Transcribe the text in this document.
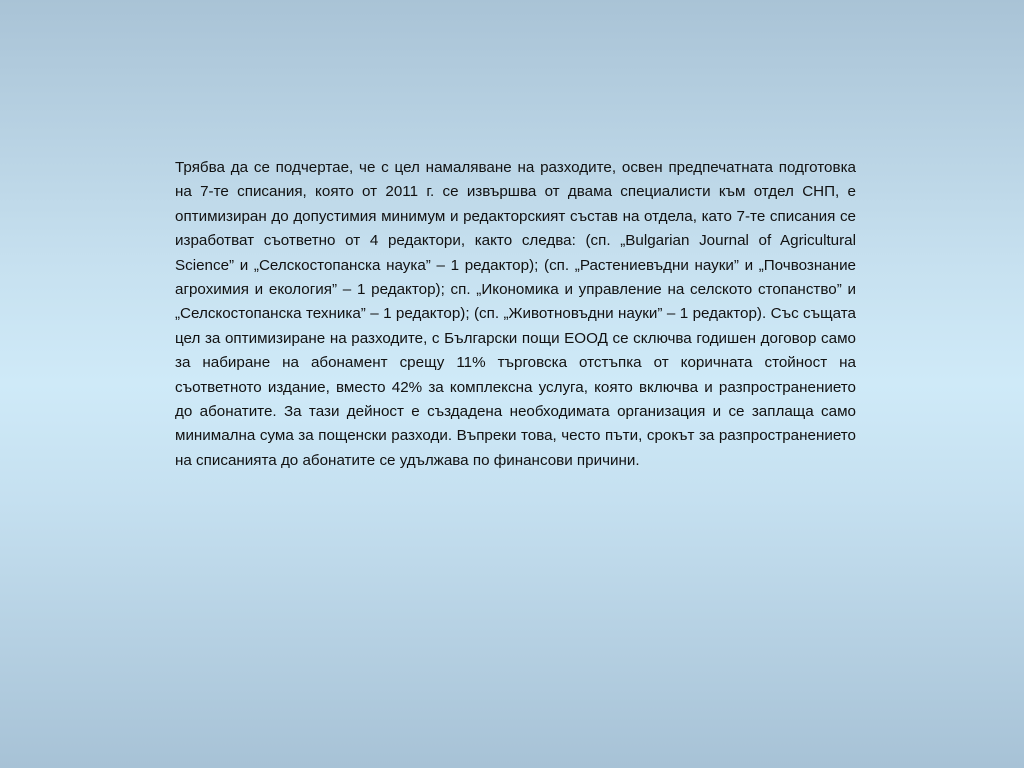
Трябва да се подчертае, че с цел намаляване на разходите, освен предпечатната подготовка на 7-те списания, която от 2011 г. се извършва от двама специалисти към отдел СНП, е оптимизиран до допустимия минимум и редакторският състав на отдела, като 7-те списания се изработват съответно от 4 редактори, както следва: (сп. „Bulgarian Journal of Agricultural Science” и „Селскостопанска наука” – 1 редактор); (сп. „Растениевъдни науки” и „Почвознание агрохимия и екология” – 1 редактор); сп. „Икономика и управление на селското стопанство” и „Селскостопанска техника” – 1 редактор); (сп. „Животновъдни науки” – 1 редактор). Със същата цел за оптимизиране на разходите, с Български пощи ЕООД се сключва годишен договор само за набиране на абонамент срещу 11% търговска отстъпка от коричната стойност на съответното издание, вместо 42% за комплексна услуга, която включва и разпространението до абонатите. За тази дейност е създадена необходимата организация и се заплаща само минимална сума за пощенски разходи. Въпреки това, често пъти, срокът за разпространението на списанията до абонатите се удължава по финансови причини.
